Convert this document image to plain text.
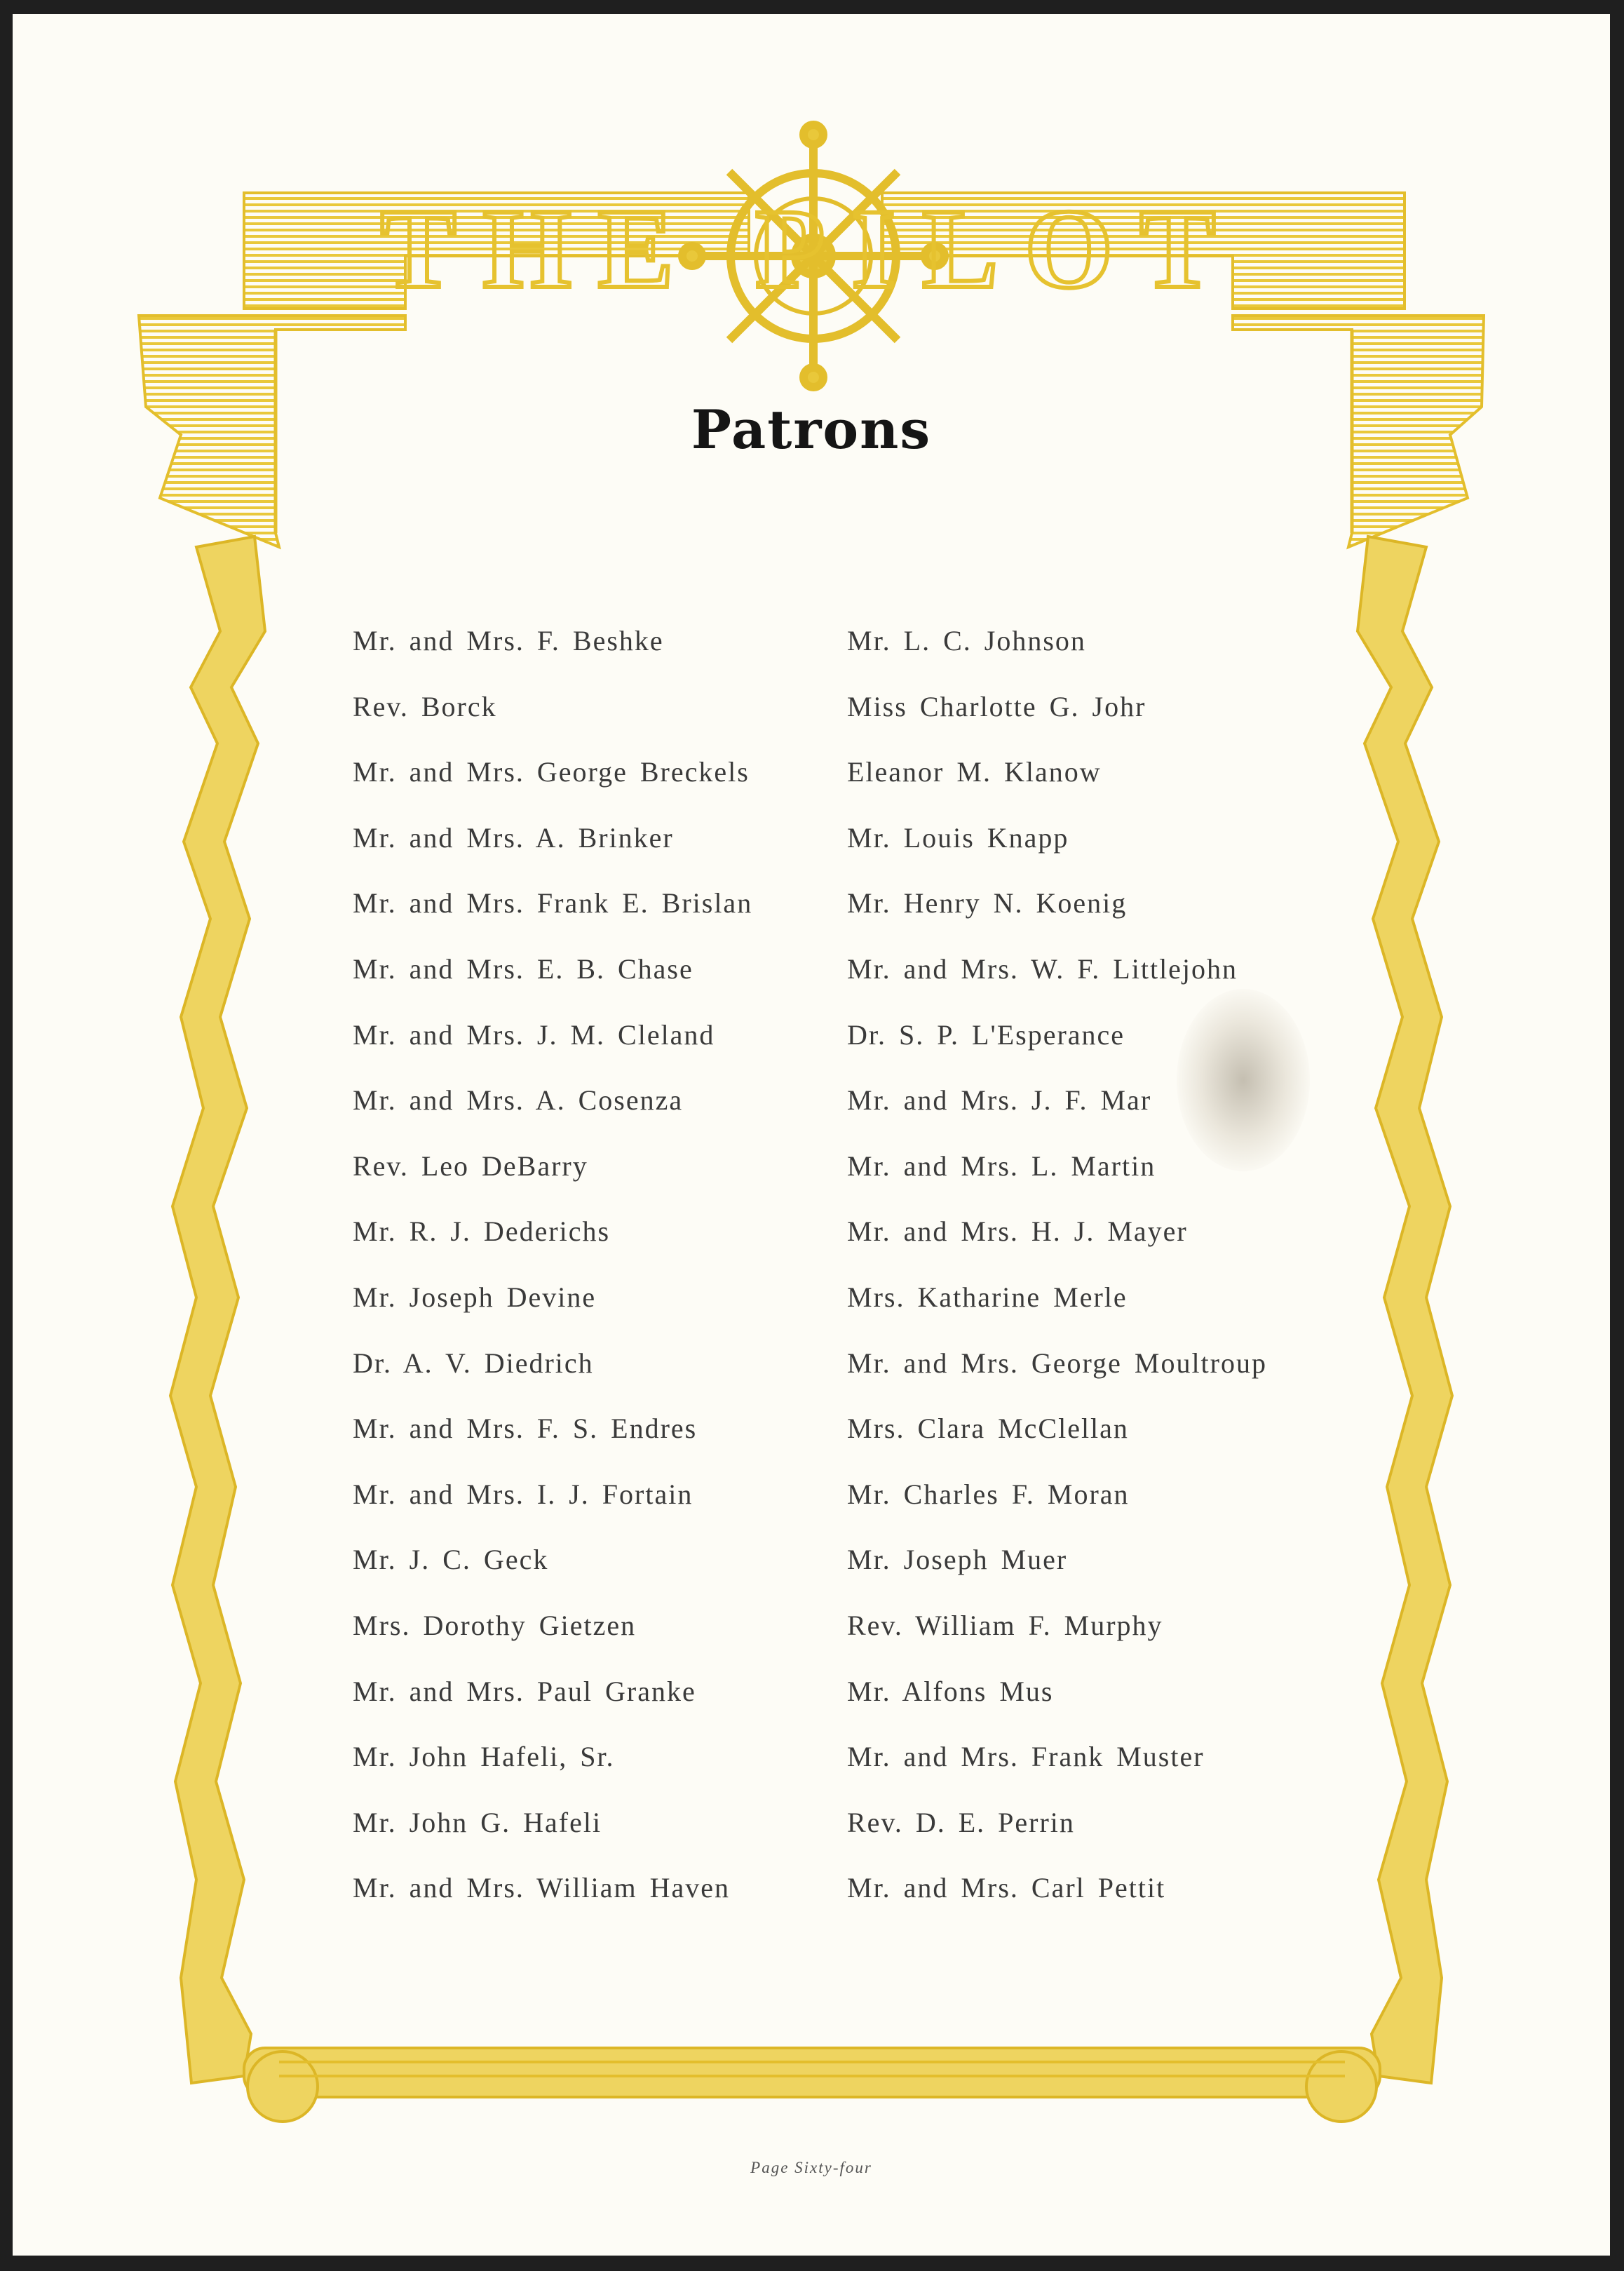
THE PILOT
Patrons
Mr. and Mrs. F. Beshke
Rev. Borck
Mr. and Mrs. George Breckels
Mr. and Mrs. A. Brinker
Mr. and Mrs. Frank E. Brislan
Mr. and Mrs. E. B. Chase
Mr. and Mrs. J. M. Cleland
Mr. and Mrs. A. Cosenza
Rev. Leo DeBarry
Mr. R. J. Dederichs
Mr. Joseph Devine
Dr. A. V. Diedrich
Mr. and Mrs. F. S. Endres
Mr. and Mrs. I. J. Fortain
Mr. J. C. Geck
Mrs. Dorothy Gietzen
Mr. and Mrs. Paul Granke
Mr. John Hafeli, Sr.
Mr. John G. Hafeli
Mr. and Mrs. William Haven
Mr. L. C. Johnson
Miss Charlotte G. Johr
Eleanor M. Klanow
Mr. Louis Knapp
Mr. Henry N. Koenig
Mr. and Mrs. W. F. Littlejohn
Dr. S. P. L'Esperance
Mr. and Mrs. J. F. Mar
Mr. and Mrs. L. Martin
Mr. and Mrs. H. J. Mayer
Mrs. Katharine Merle
Mr. and Mrs. George Moultroup
Mrs. Clara McClellan
Mr. Charles F. Moran
Mr. Joseph Muer
Rev. William F. Murphy
Mr. Alfons Mus
Mr. and Mrs. Frank Muster
Rev. D. E. Perrin
Mr. and Mrs. Carl Pettit
Page Sixty-four
